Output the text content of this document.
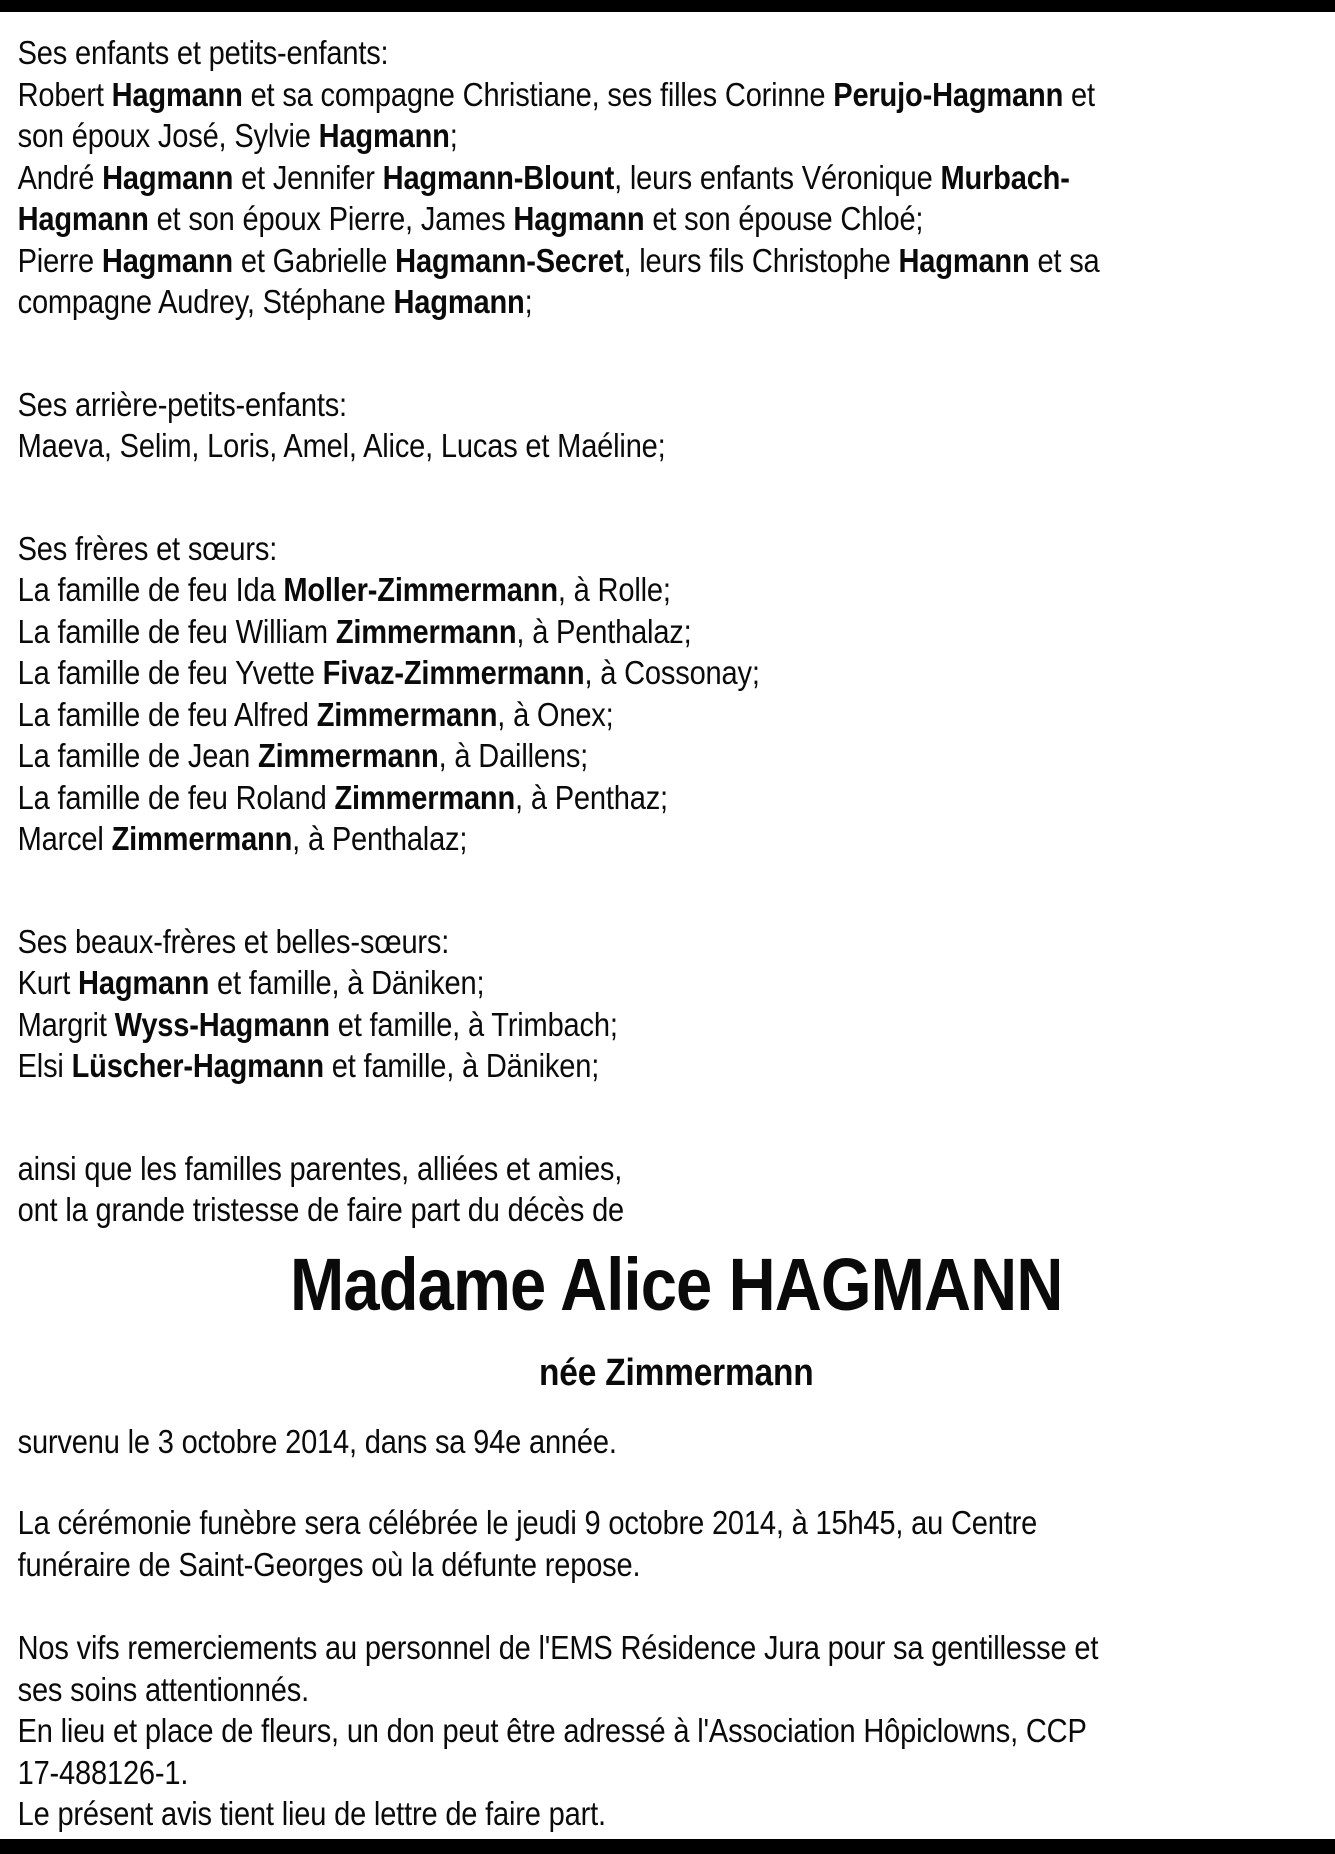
Ses enfants et petits-enfants:
Robert Hagmann et sa compagne Christiane, ses filles Corinne Perujo-Hagmann et
son époux José, Sylvie Hagmann;
André Hagmann et Jennifer Hagmann-Blount, leurs enfants Véronique Murbach-
Hagmann et son époux Pierre, James Hagmann et son épouse Chloé;
Pierre Hagmann et Gabrielle Hagmann-Secret, leurs fils Christophe Hagmann et sa
compagne Audrey, Stéphane Hagmann;
Ses arrière-petits-enfants:
Maeva, Selim, Loris, Amel, Alice, Lucas et Maéline;
Ses frères et sœurs:
La famille de feu Ida Moller-Zimmermann, à Rolle;
La famille de feu William Zimmermann, à Penthalaz;
La famille de feu Yvette Fivaz-Zimmermann, à Cossonay;
La famille de feu Alfred Zimmermann, à Onex;
La famille de Jean Zimmermann, à Daillens;
La famille de feu Roland Zimmermann, à Penthaz;
Marcel Zimmermann, à Penthalaz;
Ses beaux-frères et belles-sœurs:
Kurt Hagmann et famille, à Däniken;
Margrit Wyss-Hagmann et famille, à Trimbach;
Elsi Lüscher-Hagmann et famille, à Däniken;
ainsi que les familles parentes, alliées et amies,
ont la grande tristesse de faire part du décès de
Madame Alice HAGMANN
née Zimmermann
survenu le 3 octobre 2014, dans sa 94e année.
La cérémonie funèbre sera célébrée le jeudi 9 octobre 2014, à 15h45, au Centre
funéraire de Saint-Georges où la défunte repose.
Nos vifs remerciements au personnel de l'EMS Résidence Jura pour sa gentillesse et
ses soins attentionnés.
En lieu et place de fleurs, un don peut être adressé à l'Association Hôpiclowns, CCP
17-488126-1.
Le présent avis tient lieu de lettre de faire part.
